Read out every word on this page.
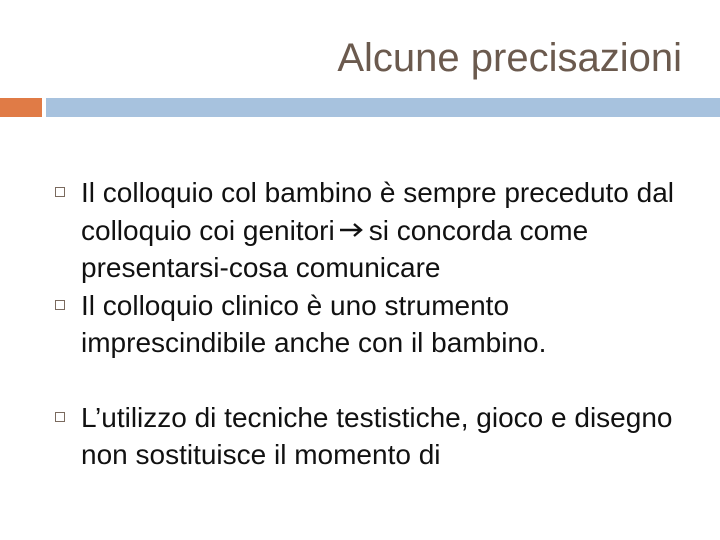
Alcune precisazioni
Il colloquio col bambino è sempre preceduto dal colloquio coi genitori si concorda come presentarsi-cosa comunicare
Il colloquio clinico è uno strumento imprescindibile anche con il bambino.
L’utilizzo di tecniche testistiche, gioco e disegno non sostituisce il momento di
